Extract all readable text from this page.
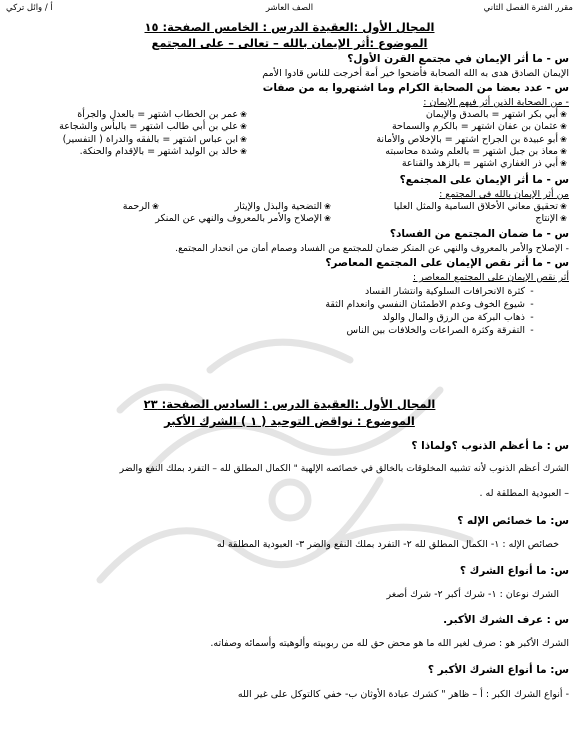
مقرر الفترة الفصل الثاني
الصف العاشر
أ / وائل تركي
المجال الأول :العقيدة الدرس : الخامس الصفحة: ١٥
الموضوع :أثر الإيمان بالله – تعالى – على المجتمع
س - ما أثر الإيمان في مجتمع القرن الأول؟
الإيمان الصادق هدى به الله الصحابة فأضحوا خير أمة أخرجت للناس قادوا الأمم
س - عدد بعضا من الصحابة الكرام وما اشتهروا به من صفات
- من الصحابة الذين أثر فيهم الإيمان :
❀أبي بكر اشتهر = بالصدق والإيمان
❀عثمان بن عفان اشتهر = بالكرم والسماحة
❀أبو عبيدة بن الجراح اشتهر = بالإخلاص والأمانة
❀معاذ بن جبل اشتهر = بالعلم وشدة محاسبته
❀أبي ذر الغفاري اشتهر = بالزهد والقناعة
❀عمر بن الخطاب اشتهر = بالعدل والجرأة
❀علي بن أبي طالب اشتهر = بالبأس والشجاعة
❀ابن عباس اشتهر = بالفقه والدراة ( التفسير)
❀خالد بن الوليد اشتهر = بالإقدام والحنكة.
س - ما أثر الإيمان على المجتمع؟
من أثر الإيمان بالله في المجتمع :
❀تحقيق معاني الأخلاق السامية والمثل العليا
❀الإنتاج
❀التضحية والبذل والإيثار
❀الإصلاح والأمر بالمعروف والنهي عن المنكر
❀الرحمة
س - ما ضمان المجتمع من الفساد؟
- الإصلاح والأمر بالمعروف والنهي عن المنكر ضمان للمجتمع من الفساد وصمام أمان من انحدار المجتمع.
س - ما أثر نقص الإيمان على المجتمع المعاصر؟
أثر نقص الإيمان على المجتمع المعاصر :
-كثرة الانحرافات السلوكية وانتشار الفساد
-شيوع الخوف وعدم الاطمئنان النفسي وانعدام الثقة
-ذهاب البركة من الرزق والمال والولد
-التفرقة وكثرة الصراعات والخلافات بين الناس
المجال الأول :العقيدة الدرس : السادس الصفحة: ٢٣
الموضوع : نواقض التوحيد ( ١ ) الشرك الأكبر
س : ما أعظم الذنوب ؟ولماذا ؟
الشرك أعظم الذنوب لأنه تشبيه المخلوقات بالخالق في خصائصه الإلهية " الكمال المطلق لله – التفرد بملك النفع والضر
– العبودية المطلقة له .
س: ما خصائص الإله ؟
خصائص الإله : ١- الكمال المطلق لله ٢- التفرد بملك النفع والضر ٣- العبودية المطلقة له
س: ما أنواع الشرك ؟
الشرك نوعان : ١- شرك أكبر ٢- شرك أصغر
س : عرف الشرك الأكبر.
الشرك الأكبر هو : صرف لغير الله ما هو محض حق لله من ربوبيته وألوهيته وأسمائه وصفاته.
س: ما أنواع الشرك الأكبر ؟
- أنواع الشرك الكبر : أ – ظاهر " كشرك عبادة الأوثان ب- خفي كالتوكل على غير الله
